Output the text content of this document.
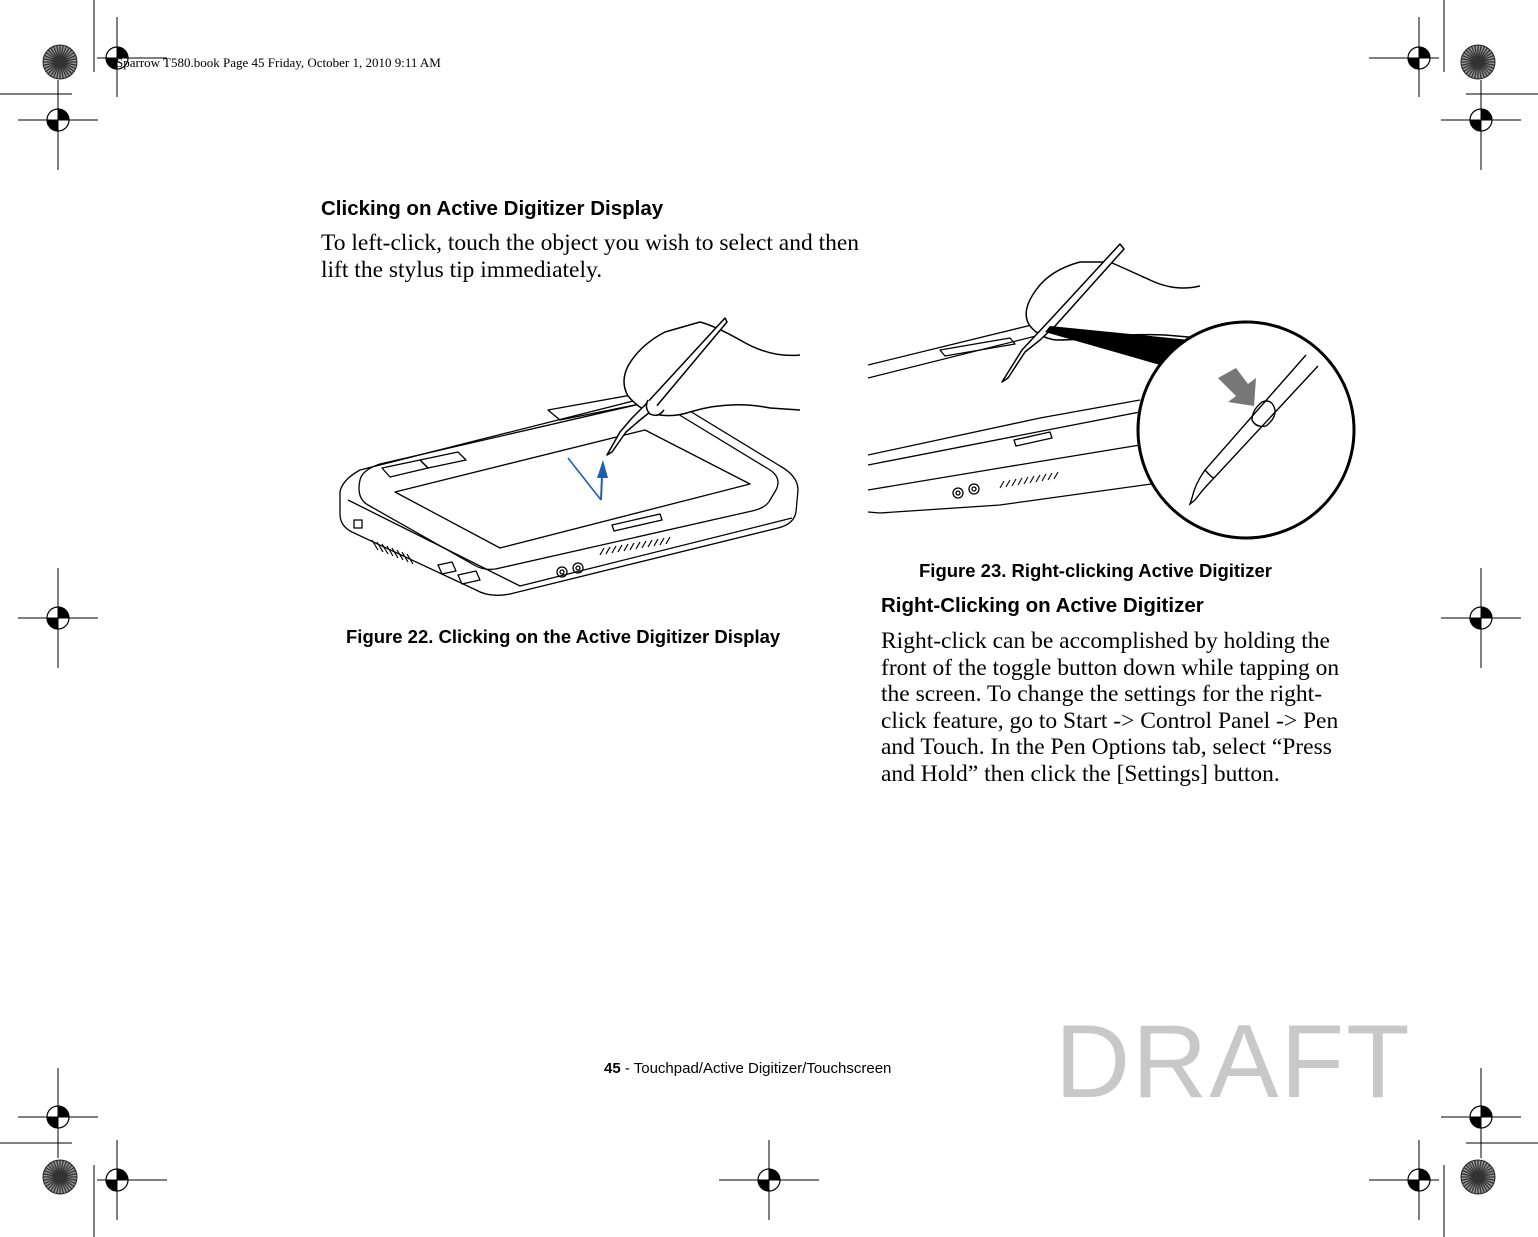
Sparrow T580.book Page 45 Friday, October 1, 2010 9:11 AM
Clicking on Active Digitizer Display
To left-click, touch the object you wish to select and then lift the stylus tip immediately.
Figure 22. Clicking on the Active Digitizer Display
Figure 23. Right-clicking Active Digitizer
Right-Clicking on Active Digitizer
Right-click can be accomplished by holding the front of the toggle button down while tapping on the screen. To change the settings for the right-click feature, go to Start -> Control Panel -> Pen and Touch. In the Pen Options tab, select “Press and Hold” then click the [Settings] button.
45 - Touchpad/Active Digitizer/Touchscreen DRAFT
